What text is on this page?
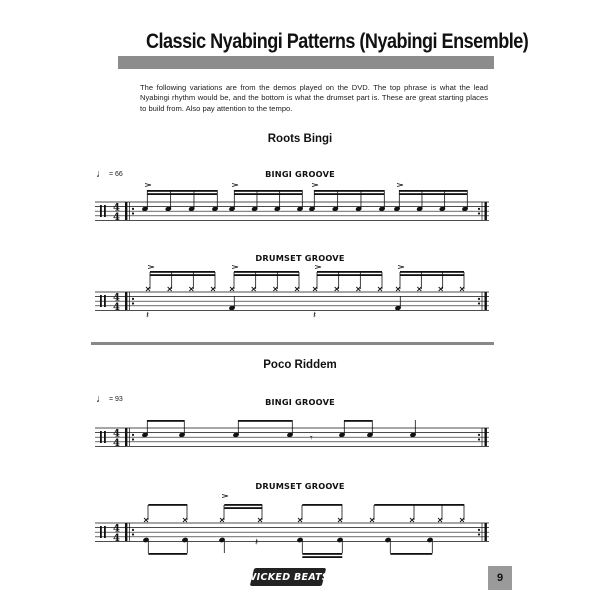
Classic Nyabingi Patterns (Nyabingi Ensemble)
The following variations are from the demos played on the DVD. The top phrase is what the lead Nyabingi rhythm would be, and the bottom is what the drumset part is. These are great starting places to build from. Also pay attention to the tempo.
Roots Bingi
♩ = 66	BINGI GROOVE
DRUMSET GROOVE
Poco Riddem
♩ = 93	BINGI GROOVE
DRUMSET GROOVE
4
4
4
4
𝄽	𝄽
4
4	𝄾
4
4	𝄽
WICKED BEATS	9
